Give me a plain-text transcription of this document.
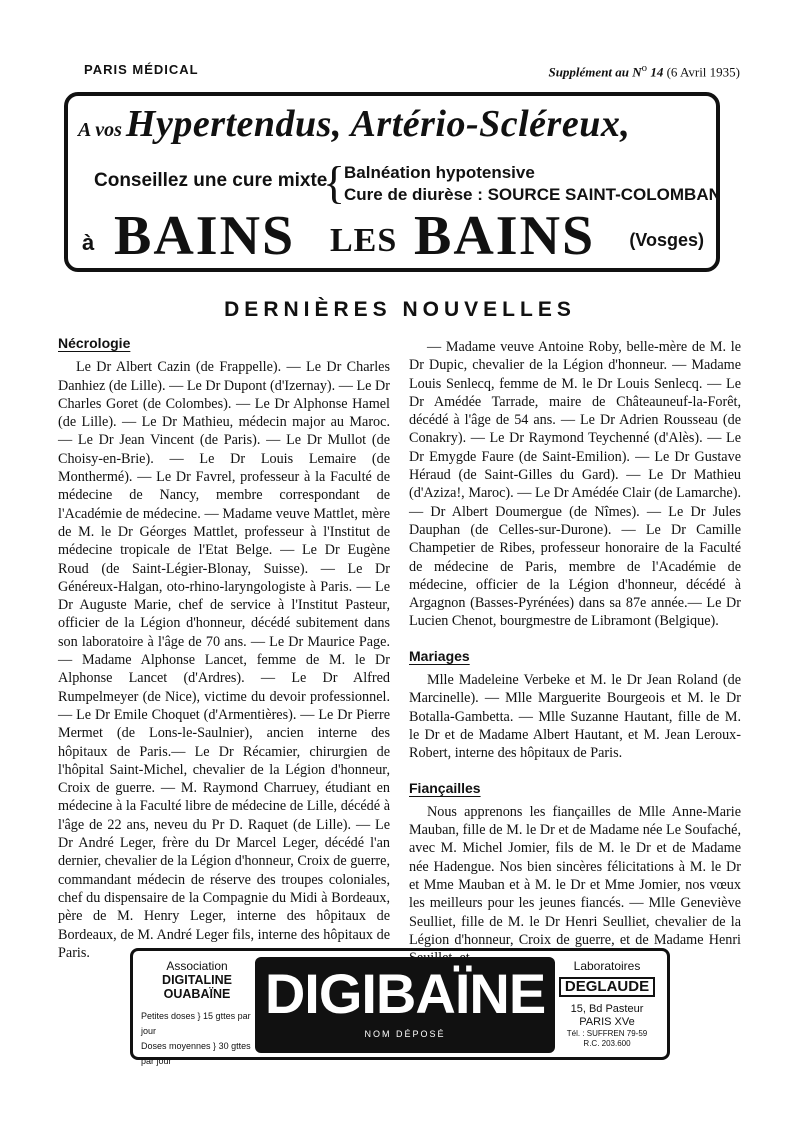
PARIS MÉDICAL	Supplément au $N^o$ 14 (6 Avril 1935)
A vos Hypertendus, Artério-Scléreux,
Conseillez une cure mixte
{
Balnéation hypotensive
Cure de diurèse : SOURCE SAINT-COLOMBAN
à BAINS LES BAINS (Vosges)
DERNIÈRES NOUVELLES
Nécrologie

Le Dr Albert Cazin (de Frappelle). — Le Dr Charles Danhiez (de Lille). — Le Dr Dupont (d'Izernay). — Le Dr Charles Goret (de Colombes). — Le Dr Alphonse Hamel (de Lille). — Le Dr Mathieu, médecin major au Maroc. — Le Dr Jean Vincent (de Paris). — Le Dr Mullot (de Choisy-en-Brie). — Le Dr Louis Lemaire (de Monthermé). — Le Dr Favrel, professeur à la Faculté de médecine de Nancy, membre correspondant de l'Académie de médecine. — Madame veuve Mattlet, mère de M. le Dr Géorges Mattlet, professeur à l'Institut de médecine tropicale de l'Etat Belge. — Le Dr Eugène Roud (de Saint-Légier-Blonay, Suisse). — Le Dr Généreux-Halgan, oto-rhino-laryngologiste à Paris. — Le Dr Auguste Marie, chef de service à l'Institut Pasteur, officier de la Légion d'honneur, décédé subitement dans son laboratoire à l'âge de 70 ans. — Le Dr Maurice Page. — Madame Alphonse Lancet, femme de M. le Dr Alphonse Lancet (d'Ardres). — Le Dr Alfred Rumpelmeyer (de Nice), victime du devoir professionnel. — Le Dr Emile Choquet (d'Armentières). — Le Dr Pierre Mermet (de Lons-le-Saulnier), ancien interne des hôpitaux de Paris.— Le Dr Récamier, chirurgien de l'hôpital Saint-Michel, chevalier de la Légion d'honneur, Croix de guerre. — M. Raymond Charruey, étudiant en médecine à la Faculté libre de médecine de Lille, décédé à l'âge de 22 ans, neveu du Pr D. Raquet (de Lille). — Le Dr André Leger, frère du Dr Marcel Leger, décédé l'an dernier, chevalier de la Légion d'honneur, Croix de guerre, commandant médecin de réserve des troupes coloniales, chef du dispensaire de la Compagnie du Midi à Bordeaux, père de M. Henry Leger, interne des hôpitaux de Bordeaux, de M. André Leger fils, interne des hôpitaux de Paris.

— Madame veuve Antoine Roby, belle-mère de M. le Dr Dupic, chevalier de la Légion d'honneur. — Madame Louis Senlecq, femme de M. le Dr Louis Senlecq. — Le Dr Amédée Tarrade, maire de Châteauneuf-la-Forêt, décédé à l'âge de 54 ans. — Le Dr Adrien Rousseau (de Conakry). — Le Dr Raymond Teychenné (d'Alès). — Le Dr Emygde Faure (de Saint-Emilion). — Le Dr Gustave Héraud (de Saint-Gilles du Gard). — Le Dr Mathieu (d'Aziza!, Maroc). — Le Dr Amédée Clair (de Lamarche). — Dr Albert Doumergue (de Nîmes). — Le Dr Jules Dauphan (de Celles-sur-Durone). — Le Dr Camille Champetier de Ribes, professeur honoraire de la Faculté de médecine de Paris, membre de l'Académie de médecine, officier de la Légion d'honneur, décédé à Argagnon (Basses-Pyrénées) dans sa 87e année.— Le Dr Lucien Chenot, bourgmestre de Libramont (Belgique).

Mariages

Mlle Madeleine Verbeke et M. le Dr Jean Roland (de Marcinelle). — Mlle Marguerite Bourgeois et M. le Dr Botalla-Gambetta. — Mlle Suzanne Hautant, fille de M. le Dr et de Madame Albert Hautant, et M. Jean Leroux-Robert, interne des hôpitaux de Paris.

Fiançailles

Nous apprenons les fiançailles de Mlle Anne-Marie Mauban, fille de M. le Dr et de Madame née Le Soufaché, avec M. Michel Jomier, fils de M. le Dr et de Madame née Hadengue. Nos bien sincères félicitations à M. le Dr et Mme Mauban et à M. le Dr et Mme Jomier, nos vœux les meilleurs pour les jeunes fiancés. — Mlle Geneviève Seulliet, fille de M. le Dr Henri Seulliet, chevalier de la Légion d'honneur, Croix de guerre, et de Madame Henri

Association
DIGITALINE
OUABAÏNE
Petites doses } 15 gttes par jour
Doses moyennes } 30 gttes par jour
DIGIBAÏNE
NOM DÉPOSÉ
Laboratoires
DEGLAUDE
15, Bd Pasteur
PARIS XVe
Tél. : SUFFREN 79-59
R.C. 203.600
